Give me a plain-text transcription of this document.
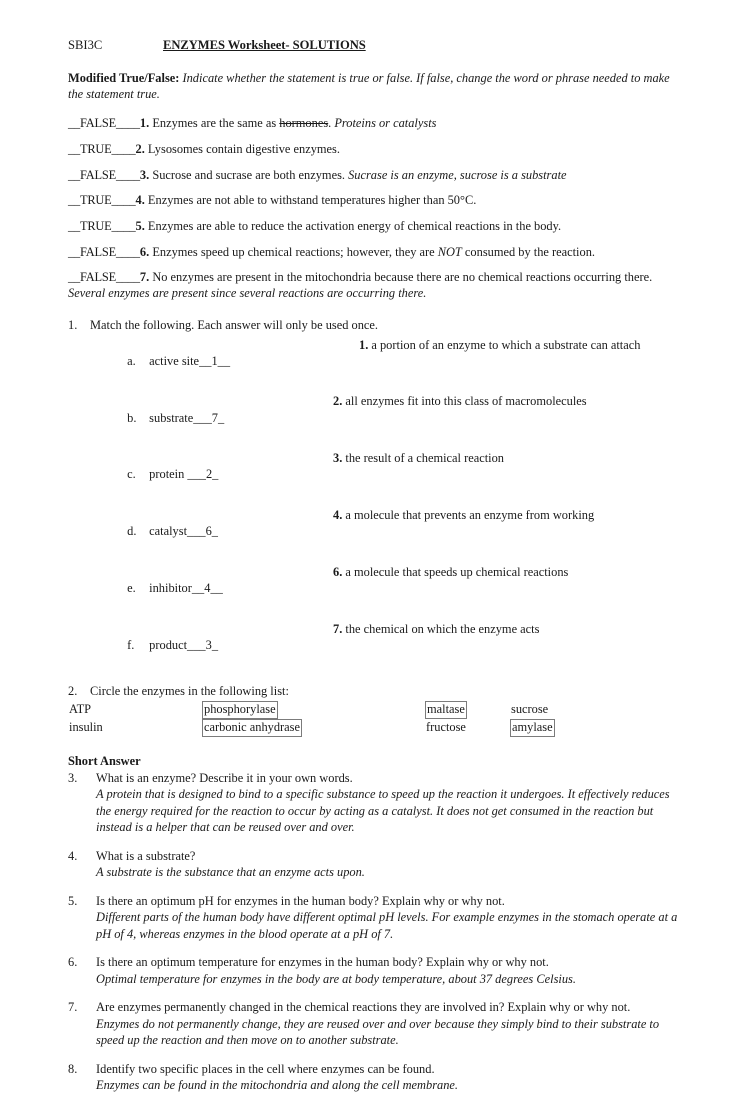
SBI3C	ENZYMES Worksheet- SOLUTIONS
Modified True/False: Indicate whether the statement is true or false. If false, change the word or phrase needed to make the statement true.
__FALSE____1. Enzymes are the same as hormones. Proteins or catalysts
__TRUE____2. Lysosomes contain digestive enzymes.
__FALSE____3. Sucrose and sucrase are both enzymes. Sucrase is an enzyme, sucrose is a substrate
__TRUE____4. Enzymes are not able to withstand temperatures higher than 50°C.
__TRUE____5. Enzymes are able to reduce the activation energy of chemical reactions in the body.
__FALSE____6. Enzymes speed up chemical reactions; however, they are NOT consumed by the reaction.
__FALSE____7. No enzymes are present in the mitochondria because there are no chemical reactions occurring there. Several enzymes are present since several reactions are occurring there.
1. Match the following. Each answer will only be used once.

a. active site__1__

1. a portion of an enzyme to which a substrate can attach

b. substrate___7_

2. all enzymes fit into this class of macromolecules

c. protein ___2_

3. the result of a chemical reaction

d. catalyst___6_

4. a molecule that prevents an enzyme from working

e. inhibitor__4__

6. a molecule that speeds up chemical reactions

f. product___3_

7. the chemical on which the enzyme acts
2. Circle the enzymes in the following list:
ATP	phosphorylase	maltase	sucrose
insulin	carbonic anhydrase	fructose	amylase
Short Answer
3.	What is an enzyme? Describe it in your own words.
A protein that is designed to bind to a specific substance to speed up the reaction it undergoes. It effectively reduces the energy required for the reaction to occur by acting as a catalyst. It does not get consumed in the reaction but instead is a helper that can be reused over and over.
4.	What is a substrate?
A substrate is the substance that an enzyme acts upon.
5.	Is there an optimum pH for enzymes in the human body? Explain why or why not.
Different parts of the human body have different optimal pH levels. For example enzymes in the stomach operate at a pH of 4, whereas enzymes in the blood operate at a pH of 7.
6.	Is there an optimum temperature for enzymes in the human body? Explain why or why not.
Optimal temperature for enzymes in the body are at body temperature, about 37 degrees Celsius.
7.	Are enzymes permanently changed in the chemical reactions they are involved in? Explain why or why not.
Enzymes do not permanently change, they are reused over and over because they simply bind to their substrate to speed up the reaction and then move on to another substrate.
8.	Identify two specific places in the cell where enzymes can be found.
Enzymes can be found in the mitochondria and along the cell membrane.
